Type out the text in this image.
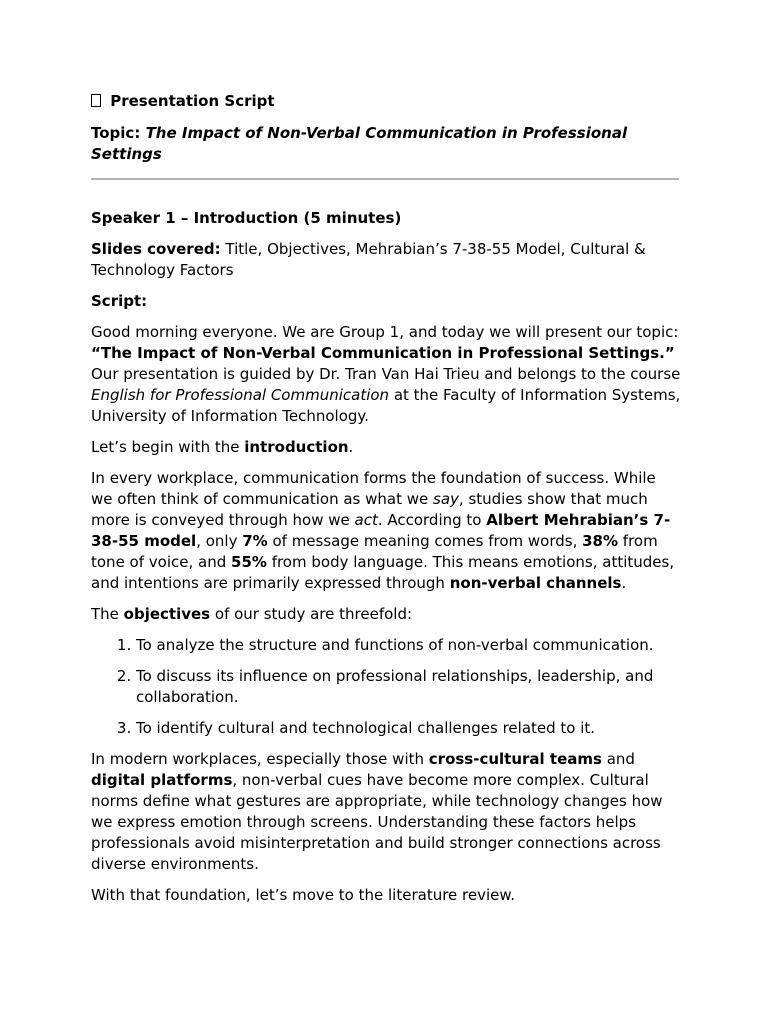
Presentation Script

Topic: The Impact of Non-Verbal Communication in Professional Settings

Speaker 1 – Introduction (5 minutes)

Slides covered: Title, Objectives, Mehrabian’s 7-38-55 Model, Cultural & Technology Factors

Script:

Good morning everyone. We are Group 1, and today we will present our topic: “The Impact of Non-Verbal Communication in Professional Settings.”
Our presentation is guided by Dr. Tran Van Hai Trieu and belongs to the course English for Professional Communication at the Faculty of Information Systems, University of Information Technology.

Let’s begin with the introduction.

In every workplace, communication forms the foundation of success. While we often think of communication as what we say, studies show that much more is conveyed through how we act. According to Albert Mehrabian’s 7-38-55 model, only 7% of message meaning comes from words, 38% from tone of voice, and 55% from body language. This means emotions, attitudes, and intentions are primarily expressed through non-verbal channels.

The objectives of our study are threefold:

1. To analyze the structure and functions of non-verbal communication.
2. To discuss its influence on professional relationships, leadership, and collaboration.
3. To identify cultural and technological challenges related to it.

In modern workplaces, especially those with cross-cultural teams and digital platforms, non-verbal cues have become more complex. Cultural norms define what gestures are appropriate, while technology changes how we express emotion through screens. Understanding these factors helps professionals avoid misinterpretation and build stronger connections across diverse environments.

With that foundation, let’s move to the literature review.
